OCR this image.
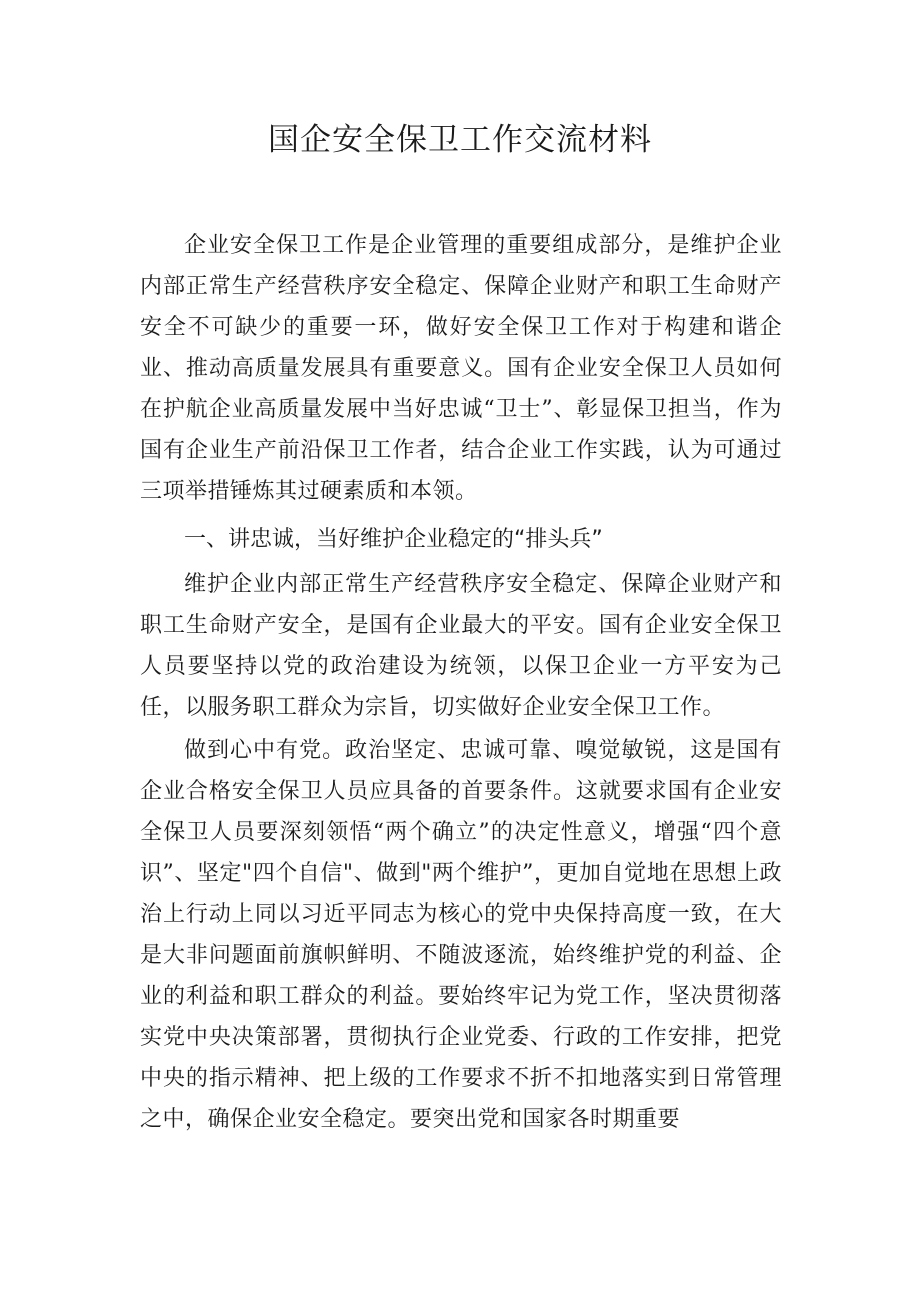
国企安全保卫工作交流材料

企业安全保卫工作是企业管理的重要组成部分，是维护企业内部正常生产经营秩序安全稳定、保障企业财产和职工生命财产安全不可缺少的重要一环，做好安全保卫工作对于构建和谐企业、推动高质量发展具有重要意义。国有企业安全保卫人员如何在护航企业高质量发展中当好忠诚“卫士”、彰显保卫担当，作为国有企业生产前沿保卫工作者，结合企业工作实践，认为可通过三项举措锤炼其过硬素质和本领。

一、讲忠诚，当好维护企业稳定的“排头兵”

维护企业内部正常生产经营秩序安全稳定、保障企业财产和职工生命财产安全，是国有企业最大的平安。国有企业安全保卫人员要坚持以党的政治建设为统领，以保卫企业一方平安为己任，以服务职工群众为宗旨，切实做好企业安全保卫工作。

做到心中有党。政治坚定、忠诚可靠、嗅觉敏锐，这是国有企业合格安全保卫人员应具备的首要条件。这就要求国有企业安全保卫人员要深刻领悟“两个确立”的决定性意义，增强“四个意识”、坚定"四个自信"、做到"两个维护”，更加自觉地在思想上政治上行动上同以习近平同志为核心的党中央保持高度一致，在大是大非问题面前旗帜鲜明、不随波逐流，始终维护党的利益、企业的利益和职工群众的利益。要始终牢记为党工作，坚决贯彻落实党中央决策部署，贯彻执行企业党委、行政的工作安排，把党中央的指示精神、把上级的工作要求不折不扣地落实到日常管理之中，确保企业安全稳定。要突出党和国家各时期重要
